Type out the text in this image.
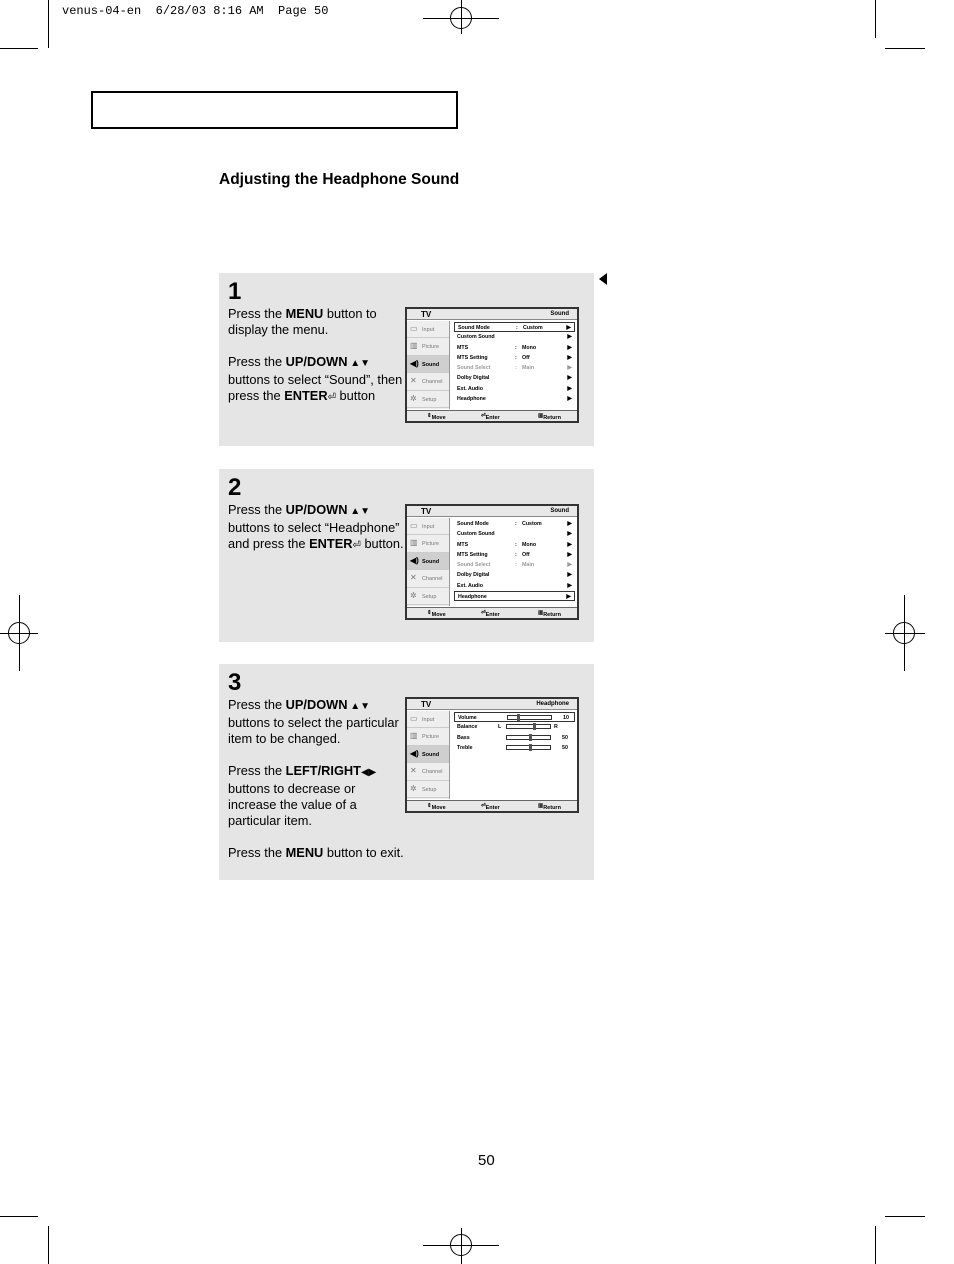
venus-04-en  6/28/03 8:16 AM  Page 50
Adjusting the Headphone Sound
1

Press the MENU button to display the menu.

Press the UP/DOWN ▲▼ buttons to select “Sound”, then press the ENTER⏎ button

TV	Sound
▭ Input
▥ Picture
◀) Sound
✕ Channel
✲ Setup
Sound Mode	: Custom	▶
Custom Sound	▶
MTS	: Mono	▶
MTS Setting	: Off	▶
Sound Select	: Main	▶
Dolby Digital	▶
Ext. Audio	▶
Headphone	▶
⇕ Move	⏎ Enter	▥ Return
2

Press the UP/DOWN ▲▼ buttons to select “Headphone” and press the ENTER⏎ button.

TV	Sound
▭ Input
▥ Picture
◀) Sound
✕ Channel
✲ Setup
Sound Mode	: Custom	▶
Custom Sound	▶
MTS	: Mono	▶
MTS Setting	: Off	▶
Sound Select	: Main	▶
Dolby Digital	▶
Ext. Audio	▶
Headphone	▶
⇕ Move	⏎ Enter	▥ Return
3

Press the UP/DOWN ▲▼ buttons to select the particular item to be changed.

Press the LEFT/RIGHT◀▶ buttons to decrease or increase the value of a particular item.

Press the MENU button to exit.

TV	Headphone
▭ Input
▥ Picture
◀) Sound
✕ Channel
✲ Setup
Volume	10
Balance	L	R
Bass	50
Treble	50
⇕ Move	⏎ Enter	▥ Return
50
